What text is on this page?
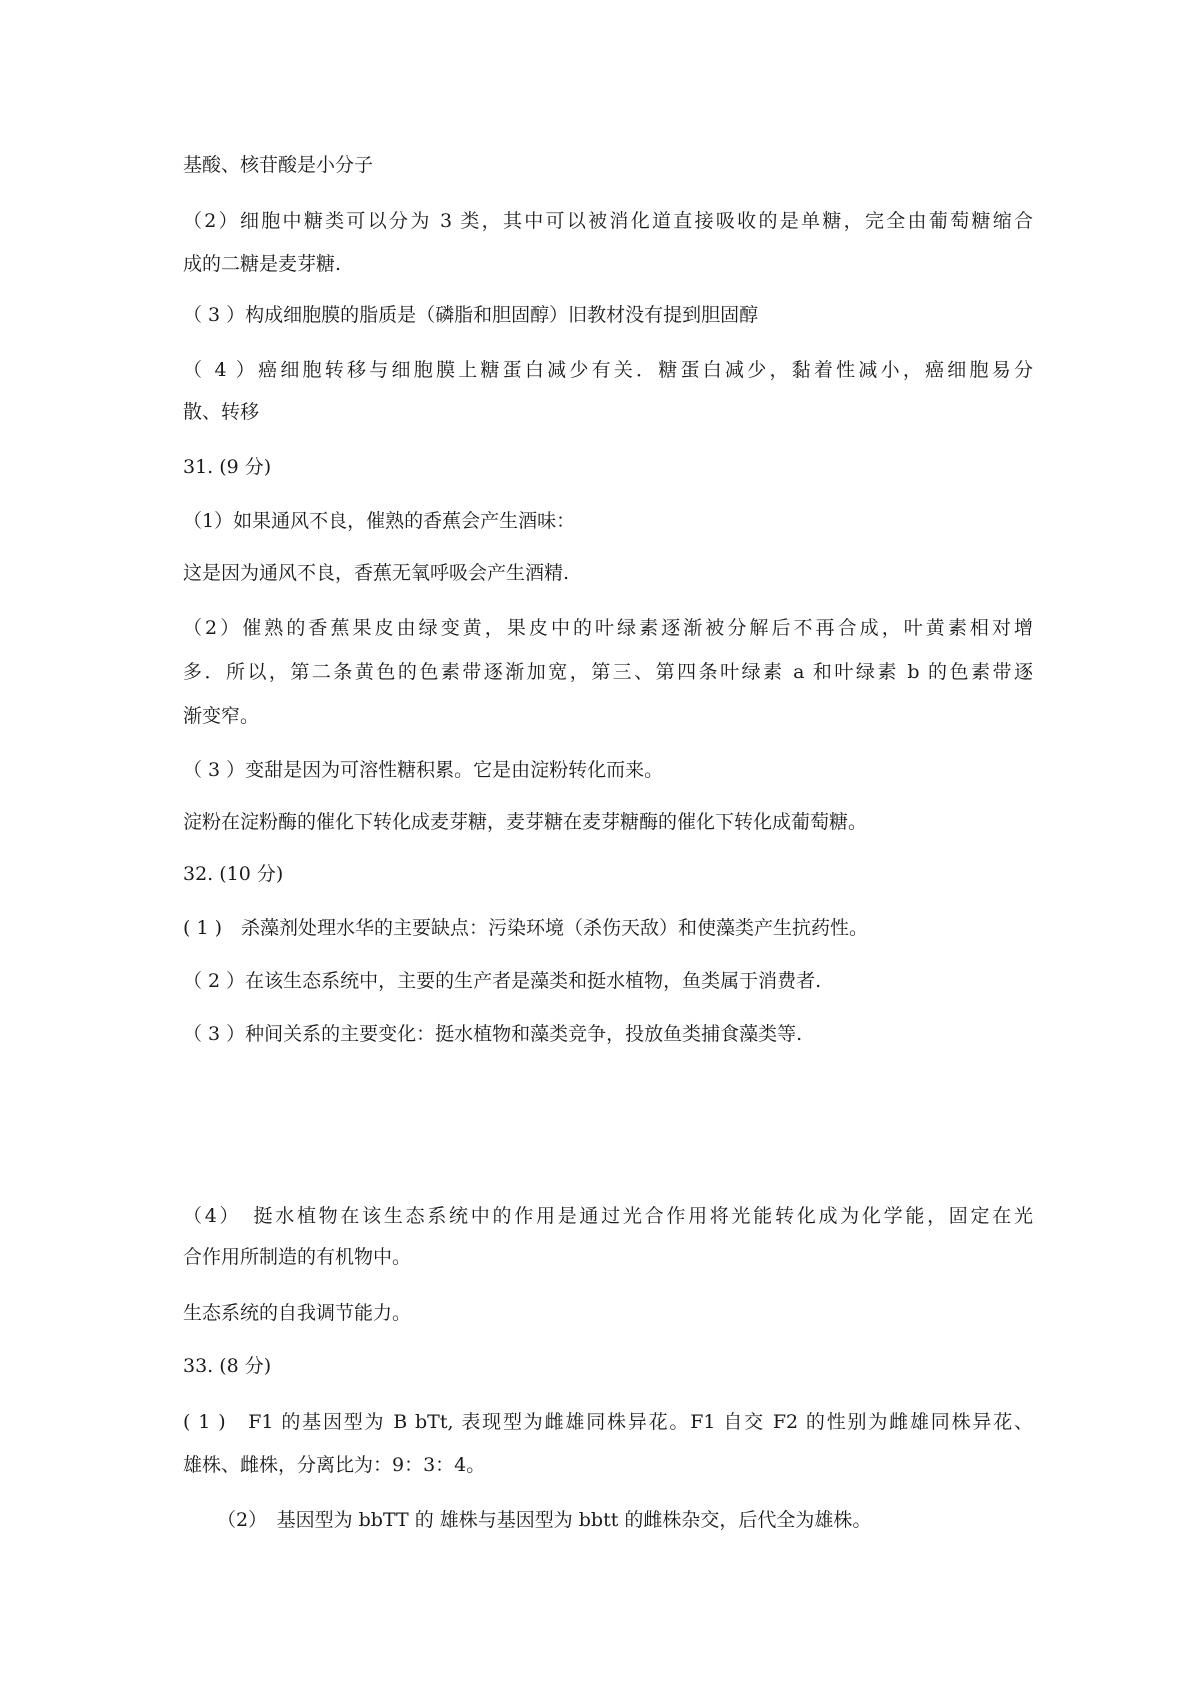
基酸、核苷酸是小分子
（2）细胞中糖类可以分为 3 类，其中可以被消化道直接吸收的是单糖，完全由葡萄糖缩合
成的二糖是麦芽糖.
（ 3 ）构成细胞膜的脂质是（磷脂和胆固醇）旧教材没有提到胆固醇
（ 4 ）癌细胞转移与细胞膜上糖蛋白减少有关．糖蛋白减少，黏着性减小，癌细胞易分
散、转移
31. (9 分)
（1）如果通风不良，催熟的香蕉会产生酒味：
这是因为通风不良，香蕉无氧呼吸会产生酒精.
（2）催熟的香蕉果皮由绿变黄，果皮中的叶绿素逐渐被分解后不再合成，叶黄素相对增
多．所以，第二条黄色的色素带逐渐加宽，第三、第四条叶绿素 a 和叶绿素 b 的色素带逐
渐变窄。
（ 3 ）变甜是因为可溶性糖积累。它是由淀粉转化而来。
淀粉在淀粉酶的催化下转化成麦芽糖，麦芽糖在麦芽糖酶的催化下转化成葡萄糖。
32. (10 分)
( 1 )　杀藻剂处理水华的主要缺点：污染环境（杀伤天敌）和使藻类产生抗药性。
（ 2 ）在该生态系统中，主要的生产者是藻类和挺水植物，鱼类属于消费者.
（ 3 ）种间关系的主要变化：挺水植物和藻类竞争，投放鱼类捕食藻类等.
（4）　挺水植物在该生态系统中的作用是通过光合作用将光能转化成为化学能，固定在光
合作用所制造的有机物中。
生态系统的自我调节能力。
33. (8 分)
( 1 )　F1 的基因型为 B bTt, 表现型为雌雄同株异花。F1 自交 F2 的性别为雌雄同株异花、
雄株、雌株，分离比为：9：3：4。
（2）　基因型为 bbTT 的 雄株与基因型为 bbtt 的雌株杂交，后代全为雄株。
